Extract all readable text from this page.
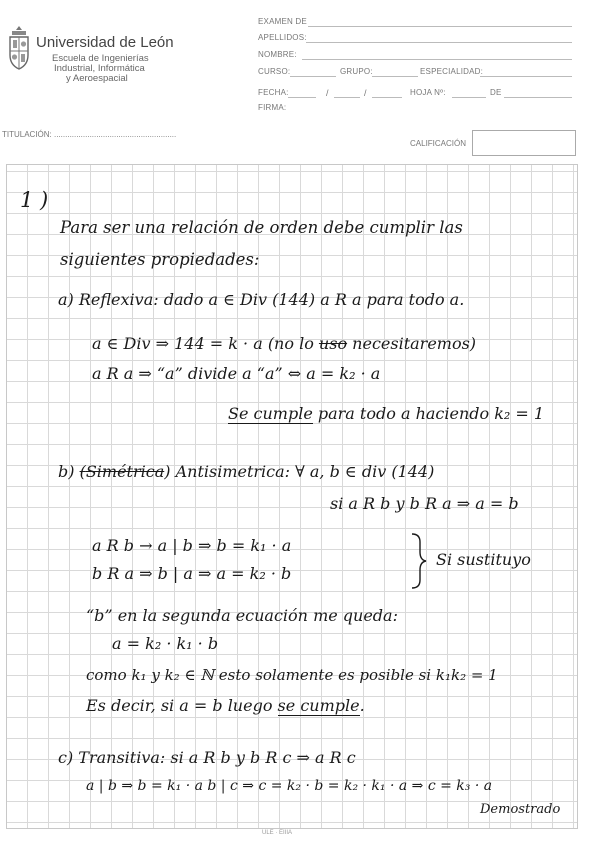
Universidad de León
Escuela de Ingenierías
Industrial, Informática
y Aeroespacial
EXAMEN DE
APELLIDOS:
NOMBRE:
CURSO:	GRUPO:	ESPECIALIDAD:
FECHA:	/	/	HOJA Nº:	DE
FIRMA:
TITULACIÓN: .......................................................
CALIFICACIÓN
1 )
Para ser una relación de orden debe cumplir las
siguientes propiedades:
a) Reflexiva: dado a ∈ Div (144) a R a para todo a.
a ∈ Div ⇒ 144 = k · a (no lo uso necesitaremos)
a R a ⇒ “a” divide a “a” ⇔ a = k₂ · a
Se cumple para todo a haciendo k₂ = 1
b) (Simétrica) Antisimetrica: ∀ a, b ∈ div (144)
si a R b y b R a ⇒ a = b
a R b → a | b ⇒ b = k₁ · a
b R a ⇒ b | a ⇒ a = k₂ · b
Si sustituyo
“b” en la segunda ecuación me queda:
a = k₂ · k₁ · b
como k₁ y k₂ ∈ ℕ esto solamente es posible si k₁k₂ = 1
Es decir, si a = b luego se cumple.
c) Transitiva: si a R b y b R c ⇒ a R c
a | b ⇒ b = k₁ · a b | c ⇒ c = k₂ · b = k₂ · k₁ · a ⇒ c = k₃ · a
Demostrado
ULE · EIIIA
